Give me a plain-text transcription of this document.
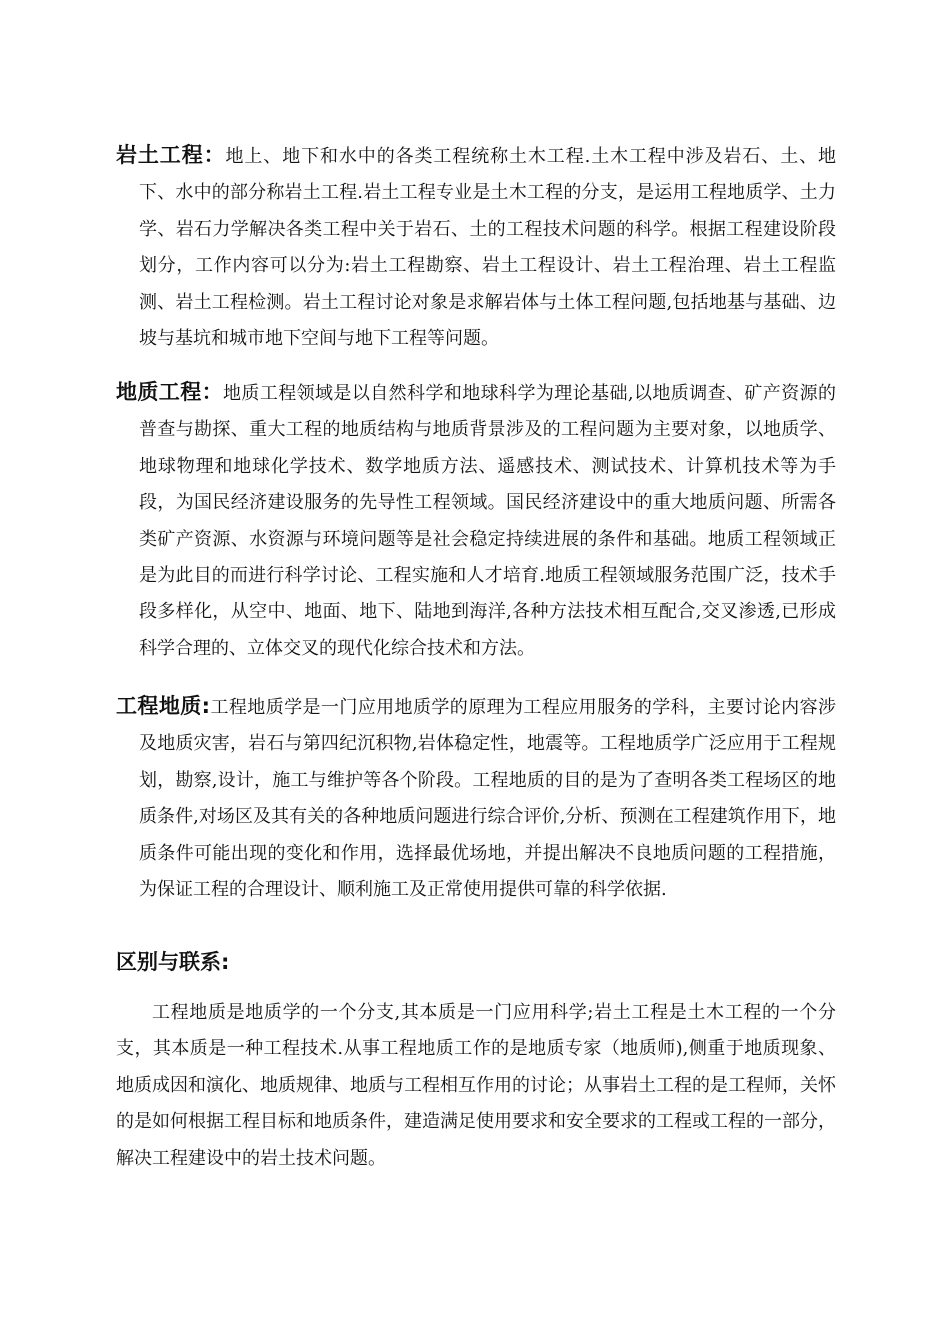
岩土工程：地上、地下和水中的各类工程统称土木工程.土木工程中涉及岩石、土、地下、水中的部分称岩土工程.岩土工程专业是土木工程的分支，是运用工程地质学、土力学、岩石力学解决各类工程中关于岩石、土的工程技术问题的科学。根据工程建设阶段划分，工作内容可以分为:岩土工程勘察、岩土工程设计、岩土工程治理、岩土工程监测、岩土工程检测。岩土工程讨论对象是求解岩体与土体工程问题,包括地基与基础、边坡与基坑和城市地下空间与地下工程等问题。

地质工程：地质工程领域是以自然科学和地球科学为理论基础,以地质调查、矿产资源的普查与勘探、重大工程的地质结构与地质背景涉及的工程问题为主要对象，以地质学、地球物理和地球化学技术、数学地质方法、遥感技术、测试技术、计算机技术等为手段，为国民经济建设服务的先导性工程领域。国民经济建设中的重大地质问题、所需各类矿产资源、水资源与环境问题等是社会稳定持续进展的条件和基础。地质工程领域正是为此目的而进行科学讨论、工程实施和人才培育.地质工程领域服务范围广泛，技术手段多样化，从空中、地面、地下、陆地到海洋,各种方法技术相互配合,交叉渗透,已形成科学合理的、立体交叉的现代化综合技术和方法。

工程地质:工程地质学是一门应用地质学的原理为工程应用服务的学科，主要讨论内容涉及地质灾害，岩石与第四纪沉积物,岩体稳定性，地震等。工程地质学广泛应用于工程规划，勘察,设计，施工与维护等各个阶段。工程地质的目的是为了查明各类工程场区的地质条件,对场区及其有关的各种地质问题进行综合评价,分析、预测在工程建筑作用下，地质条件可能出现的变化和作用，选择最优场地，并提出解决不良地质问题的工程措施，为保证工程的合理设计、顺利施工及正常使用提供可靠的科学依据.

区别与联系:

工程地质是地质学的一个分支,其本质是一门应用科学;岩土工程是土木工程的一个分支，其本质是一种工程技术.从事工程地质工作的是地质专家（地质师),侧重于地质现象、地质成因和演化、地质规律、地质与工程相互作用的讨论；从事岩土工程的是工程师，关怀的是如何根据工程目标和地质条件，建造满足使用要求和安全要求的工程或工程的一部分，解决工程建设中的岩土技术问题。
